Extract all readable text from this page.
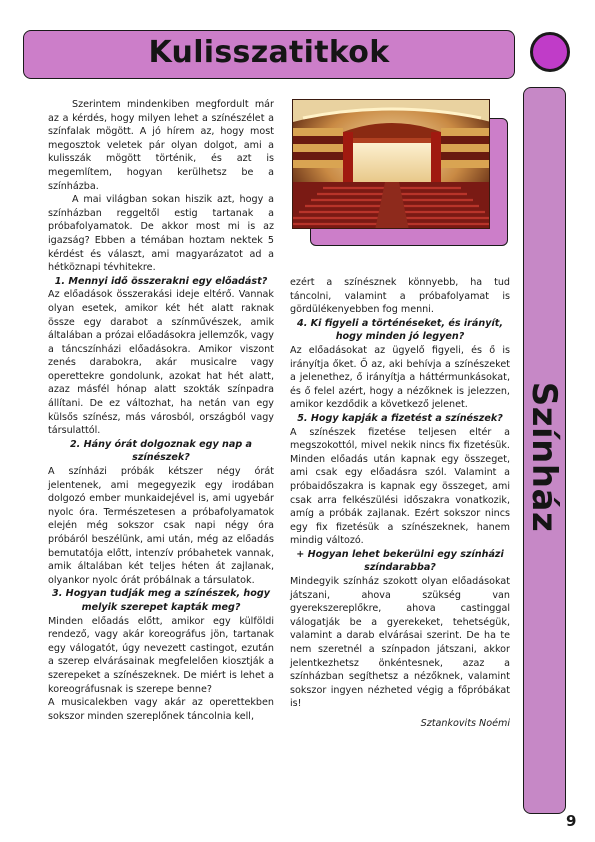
Kulisszatitkok
Színház

Szerintem mindenkiben megfordult már az a kérdés, hogy milyen lehet a színészélet a színfalak mögött. A jó hírem az, hogy most megosztok veletek pár olyan dolgot, ami a kulisszák mögött történik, és azt is megemlítem, hogyan kerülhetsz be a színházba.

A mai világban sokan hiszik azt, hogy a színházban reggeltől estig tartanak a próbafolyamatok. De akkor most mi is az igazság? Ebben a témában hoztam nektek 5 kérdést és választ, ami magyarázatot ad a hétköznapi tévhitekre.

1. Mennyi idő összerakni egy előadást?

Az előadások összerakási ideje eltérő. Vannak olyan esetek, amikor két hét alatt raknak össze egy darabot a színművészek, amik általában a prózai előadásokra jellemzők, vagy a táncszínházi előadásokra. Amikor viszont zenés darabokra, akár musicalre vagy operettekre gondolunk, azokat hat hét alatt, azaz másfél hónap alatt szokták színpadra állítani. De ez változhat, ha netán van egy külsős színész, más városból, országból vagy társulattól.

2. Hány órát dolgoznak egy nap a színészek?

A színházi próbák kétszer négy órát jelentenek, ami megegyezik egy irodában dolgozó ember munkaidejével is, ami ugyebár nyolc óra. Természetesen a próbafolyamatok elején még sokszor csak napi négy óra próbáról beszélünk, ami után, még az előadás bemutatója előtt, intenzív próbahetek vannak, amik általában két teljes héten át zajlanak, olyankor nyolc órát próbálnak a társulatok.

3. Hogyan tudják meg a színészek, hogy melyik szerepet kapták meg?

Minden előadás előtt, amikor egy külföldi rendező, vagy akár koreográfus jön, tartanak egy válogatót, úgy nevezett castingot, ezután a szerep elvárásainak megfelelően kiosztják a szerepeket a színészeknek. De miért is lehet a koreográfusnak is szerepe benne?

A musicalekben vagy akár az operettekben sokszor minden szereplőnek táncolnia kell,

ezért a színésznek könnyebb, ha tud táncolni, valamint a próbafolyamat is gördülékenyebben fog menni.

4. Ki figyeli a történéseket, és irányít, hogy minden jó legyen?

Az előadásokat az ügyelő figyeli, és ő is irányítja őket. Ő az, aki behívja a színészeket a jelenethez, ő irányítja a háttérmunkásokat, és ő felel azért, hogy a nézőknek is jelezzen, amikor kezdődik a következő jelenet.

5. Hogy kapják a fizetést a színészek?

A színészek fizetése teljesen eltér a megszokottól, mivel nekik nincs fix fizetésük. Minden előadás után kapnak egy összeget, ami csak egy előadásra szól. Valamint a próbaidőszakra is kapnak egy összeget, ami csak arra felkészülési időszakra vonatkozik, amíg a próbák zajlanak. Ezért sokszor nincs egy fix fizetésük a színészeknek, hanem mindig változó.

+ Hogyan lehet bekerülni egy színházi színdarabba?

Mindegyik színház szokott olyan előadásokat játszani, ahova szükség van gyerekszereplőkre, ahova castinggal válogatják be a gyerekeket, tehetségük, valamint a darab elvárásai szerint. De ha te nem szeretnél a színpadon játszani, akkor jelentkezhetsz önkéntesnek, azaz a színházban segíthetsz a nézőknek, valamint sokszor ingyen nézheted végig a főpróbákat is!

Sztankovits Noémi

9
